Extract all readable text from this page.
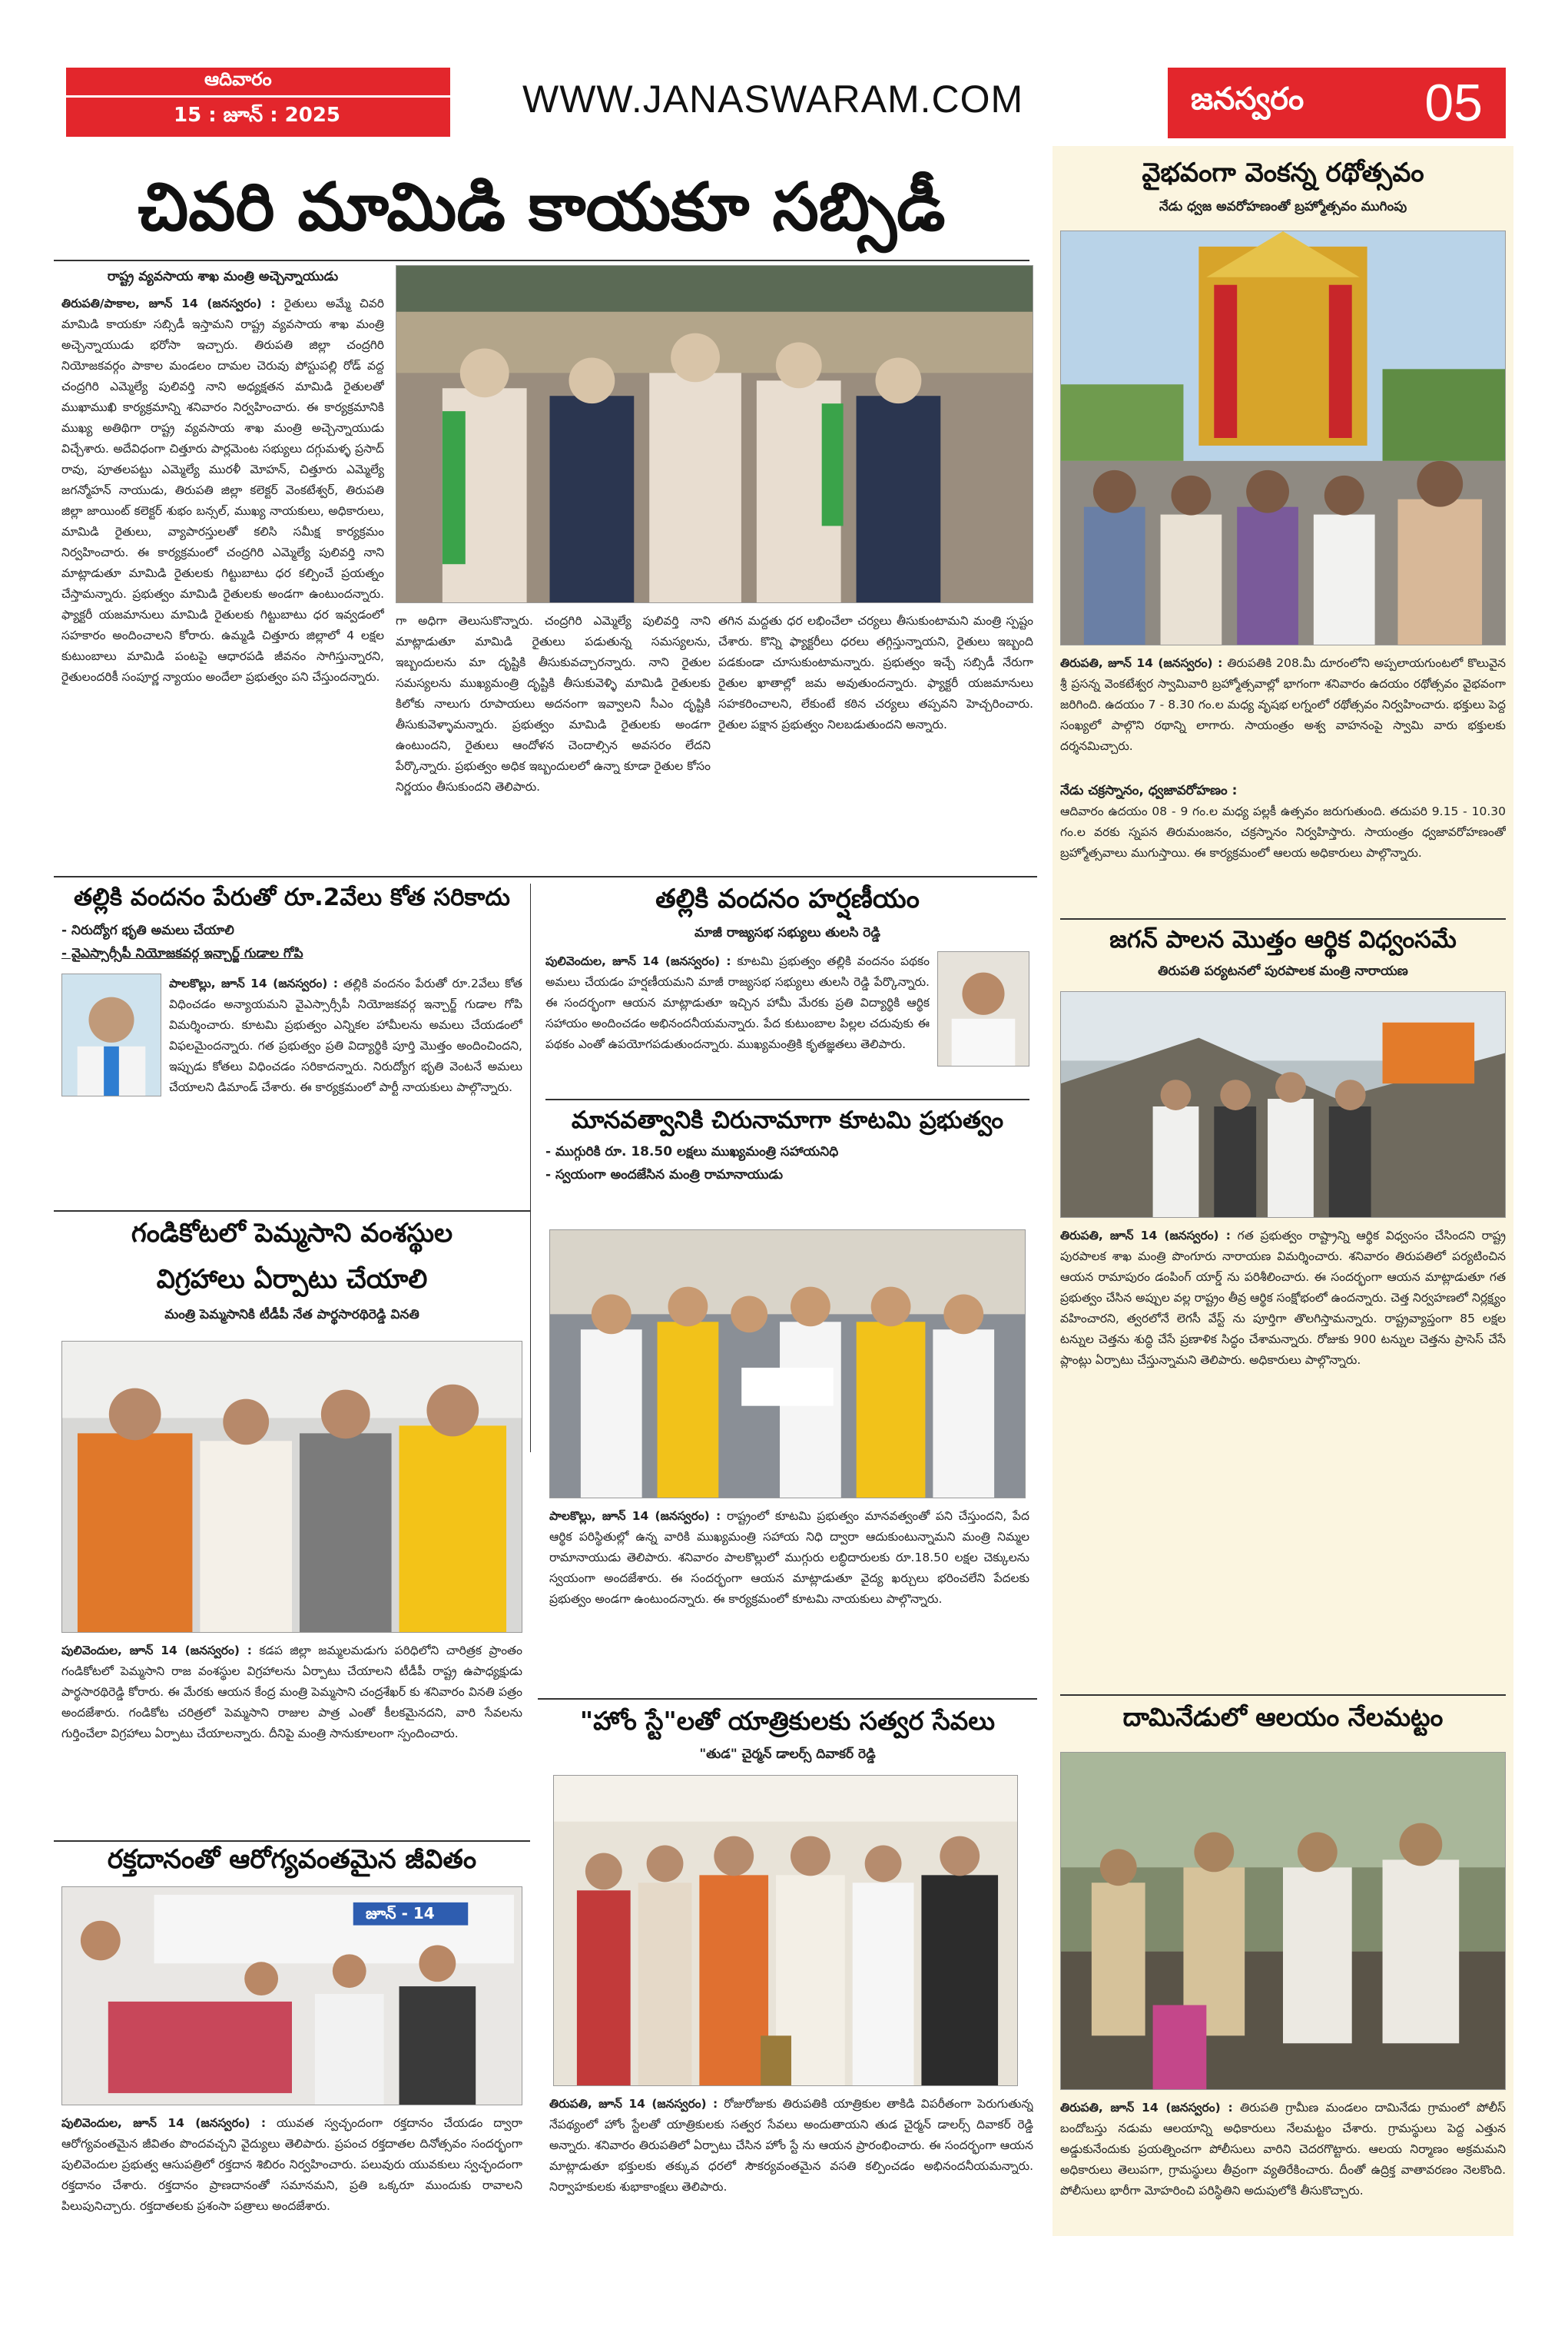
ఆదివారం
15 : జూన్ : 2025	WWW.JANASWARAM.COM	జనస్వరం 05
చివరి మామిడి కాయకూ సబ్సిడీ
రాష్ట్ర వ్యవసాయ శాఖ మంత్రి అచ్చెన్నాయుడు
తిరుపతి/పాకాల, జూన్ 14 (జనస్వరం) : రైతులు అమ్మే చివరి మామిడి కాయకూ సబ్సిడీ ఇస్తామని రాష్ట్ర వ్యవసాయ శాఖ మంత్రి అచ్చెన్నాయుడు భరోసా ఇచ్చారు. తిరుపతి జిల్లా చంద్రగిరి నియోజకవర్గం పాకాల మండలం దామల చెరువు పోస్టుపల్లి రోడ్ వద్ద చంద్రగిరి ఎమ్మెల్యే పులివర్తి నాని అధ్యక్షతన మామిడి రైతులతో ముఖాముఖి కార్యక్రమాన్ని శనివారం నిర్వహించారు. ఈ కార్యక్రమానికి ముఖ్య అతిథిగా రాష్ట్ర వ్యవసాయ శాఖ మంత్రి అచ్చెన్నాయుడు విచ్చేశారు. అదేవిధంగా చిత్తూరు పార్లమెంట సభ్యులు దగ్గుమళ్ళ ప్రసాద్ రావు, పూతలపట్టు ఎమ్మెల్యే మురళీ మోహన్, చిత్తూరు ఎమ్మెల్యే జగన్మోహన్ నాయుడు, తిరుపతి జిల్లా కలెక్టర్ వెంకటేశ్వర్, తిరుపతి జిల్లా జాయింట్ కలెక్టర్ శుభం బన్సల్, ముఖ్య నాయకులు, అధికారులు, మామిడి రైతులు, వ్యాపారస్తులతో కలిసి సమీక్ష కార్యక్రమం నిర్వహించారు. ఈ కార్యక్రమంలో చంద్రగిరి ఎమ్మెల్యే పులివర్తి నాని మాట్లాడుతూ మామిడి రైతులకు గిట్టుబాటు ధర కల్పించే ప్రయత్నం చేస్తామన్నారు. ప్రభుత్వం మామిడి రైతులకు అండగా ఉంటుందన్నారు. ఫ్యాక్టరీ యజమానులు మామిడి రైతులకు గిట్టుబాటు ధర ఇవ్వడంలో సహకారం అందించాలని కోరారు. ఉమ్మడి చిత్తూరు జిల్లాలో 4 లక్షల కుటుంబాలు మామిడి పంటపై ఆధారపడి జీవనం సాగిస్తున్నారని, రైతులందరికీ సంపూర్ణ న్యాయం అందేలా ప్రభుత్వం పని చేస్తుందన్నారు.
గా అధిగా తెలుసుకొన్నారు. చంద్రగిరి ఎమ్మెల్యే పులివర్తి నాని మాట్లాడుతూ మామిడి రైతులు పడుతున్న సమస్యలను, ఇబ్బందులను మా దృష్టికి తీసుకువచ్చారన్నారు. నాని రైతుల సమస్యలను ముఖ్యమంత్రి దృష్టికి తీసుకువెళ్ళి మామిడి రైతులకు కిలోకు నాలుగు రూపాయలు అదనంగా ఇవ్వాలని సీఎం దృష్టికి తీసుకువెళ్ళామన్నారు. ప్రభుత్వం మామిడి రైతులకు అండగా ఉంటుందని, రైతులు ఆందోళన చెందాల్సిన అవసరం లేదని పేర్కొన్నారు. ప్రభుత్వం అధిక ఇబ్బందులలో ఉన్నా కూడా రైతుల కోసం నిర్ణయం తీసుకుందని తెలిపారు.
తగిన మద్దతు ధర లభించేలా చర్యలు తీసుకుంటామని మంత్రి స్పష్టం చేశారు. కొన్ని ఫ్యాక్టరీలు ధరలు తగ్గిస్తున్నాయని, రైతులు ఇబ్బంది పడకుండా చూసుకుంటామన్నారు. ప్రభుత్వం ఇచ్చే సబ్సిడీ నేరుగా రైతుల ఖాతాల్లో జమ అవుతుందన్నారు. ఫ్యాక్టరీ యజమానులు సహకరించాలని, లేకుంటే కఠిన చర్యలు తప్పవని హెచ్చరించారు. రైతుల పక్షాన ప్రభుత్వం నిలబడుతుందని అన్నారు.
తల్లికి వందనం పేరుతో రూ.2వేలు కోత సరికాదు
- నిరుద్యోగ భృతి అమలు చేయాలి
- వైఎస్సార్సీపీ నియోజకవర్గ ఇన్చార్జ్ గుడాల గోపి
పాలకొల్లు, జూన్ 14 (జనస్వరం) : తల్లికి వందనం పేరుతో రూ.2వేలు కోత విధించడం అన్యాయమని వైఎస్సార్సీపీ నియోజకవర్గ ఇన్చార్జ్ గుడాల గోపి విమర్శించారు. కూటమి ప్రభుత్వం ఎన్నికల హామీలను అమలు చేయడంలో విఫలమైందన్నారు. గత ప్రభుత్వం ప్రతి విద్యార్థికి పూర్తి మొత్తం అందించిందని, ఇప్పుడు కోతలు విధించడం సరికాదన్నారు. నిరుద్యోగ భృతి వెంటనే అమలు చేయాలని డిమాండ్ చేశారు. ఈ కార్యక్రమంలో పార్టీ నాయకులు పాల్గొన్నారు.
తల్లికి వందనం హర్షణీయం
మాజీ రాజ్యసభ సభ్యులు తులసి రెడ్డి
పులివెందుల, జూన్ 14 (జనస్వరం) : కూటమి ప్రభుత్వం తల్లికి వందనం పథకం అమలు చేయడం హర్షణీయమని మాజీ రాజ్యసభ సభ్యులు తులసి రెడ్డి పేర్కొన్నారు. ఈ సందర్భంగా ఆయన మాట్లాడుతూ ఇచ్చిన హామీ మేరకు ప్రతి విద్యార్థికి ఆర్థిక సహాయం అందించడం అభినందనీయమన్నారు. పేద కుటుంబాల పిల్లల చదువుకు ఈ పథకం ఎంతో ఉపయోగపడుతుందన్నారు. ముఖ్యమంత్రికి కృతజ్ఞతలు తెలిపారు.
మానవత్వానికి చిరునామాగా కూటమి ప్రభుత్వం
- ముగ్గురికి రూ. 18.50 లక్షలు ముఖ్యమంత్రి సహాయనిధి
- స్వయంగా అందజేసిన మంత్రి రామానాయుడు
పాలకొల్లు, జూన్ 14 (జనస్వరం) : రాష్ట్రంలో కూటమి ప్రభుత్వం మానవత్వంతో పని చేస్తుందని, పేద ఆర్థిక పరిస్థితుల్లో ఉన్న వారికి ముఖ్యమంత్రి సహాయ నిధి ద్వారా ఆదుకుంటున్నామని మంత్రి నిమ్మల రామానాయుడు తెలిపారు. శనివారం పాలకొల్లులో ముగ్గురు లబ్ధిదారులకు రూ.18.50 లక్షల చెక్కులను స్వయంగా అందజేశారు. ఈ సందర్భంగా ఆయన మాట్లాడుతూ వైద్య ఖర్చులు భరించలేని పేదలకు ప్రభుత్వం అండగా ఉంటుందన్నారు. ఈ కార్యక్రమంలో కూటమి నాయకులు పాల్గొన్నారు.
గండికోటలో పెమ్మసాని వంశస్థుల
విగ్రహాలు ఏర్పాటు చేయాలి
మంత్రి పెమ్మసానికి టీడీపీ నేత పార్థసారథిరెడ్డి వినతి
పులివెందుల, జూన్ 14 (జనస్వరం) : కడప జిల్లా జమ్మలమడుగు పరిధిలోని చారిత్రక ప్రాంతం గండికోటలో పెమ్మసాని రాజ వంశస్థుల విగ్రహాలను ఏర్పాటు చేయాలని టీడీపీ రాష్ట్ర ఉపాధ్యక్షుడు పార్థసారథిరెడ్డి కోరారు. ఈ మేరకు ఆయన కేంద్ర మంత్రి పెమ్మసాని చంద్రశేఖర్ కు శనివారం వినతి పత్రం అందజేశారు. గండికోట చరిత్రలో పెమ్మసాని రాజుల పాత్ర ఎంతో కీలకమైనదని, వారి సేవలను గుర్తించేలా విగ్రహాలు ఏర్పాటు చేయాలన్నారు. దీనిపై మంత్రి సానుకూలంగా స్పందించారు.
రక్తదానంతో ఆరోగ్యవంతమైన జీవితం
జూన్ - 14
పులివెందుల, జూన్ 14 (జనస్వరం) : యువత స్వచ్ఛందంగా రక్తదానం చేయడం ద్వారా ఆరోగ్యవంతమైన జీవితం పొందవచ్చని వైద్యులు తెలిపారు. ప్రపంచ రక్తదాతల దినోత్సవం సందర్భంగా పులివెందుల ప్రభుత్వ ఆసుపత్రిలో రక్తదాన శిబిరం నిర్వహించారు. పలువురు యువకులు స్వచ్ఛందంగా రక్తదానం చేశారు. రక్తదానం ప్రాణదానంతో సమానమని, ప్రతి ఒక్కరూ ముందుకు రావాలని పిలుపునిచ్చారు. రక్తదాతలకు ప్రశంసా పత్రాలు అందజేశారు.
"హోం స్టే"లతో యాత్రికులకు సత్వర సేవలు
"తుడ" చైర్మన్ డాలర్స్ దివాకర్ రెడ్డి
తిరుపతి, జూన్ 14 (జనస్వరం) : రోజురోజుకు తిరుపతికి యాత్రికుల తాకిడి విపరీతంగా పెరుగుతున్న నేపథ్యంలో హోం స్టేలతో యాత్రికులకు సత్వర సేవలు అందుతాయని తుడ చైర్మన్ డాలర్స్ దివాకర్ రెడ్డి అన్నారు. శనివారం తిరుపతిలో ఏర్పాటు చేసిన హోం స్టే ను ఆయన ప్రారంభించారు. ఈ సందర్భంగా ఆయన మాట్లాడుతూ భక్తులకు తక్కువ ధరలో సౌకర్యవంతమైన వసతి కల్పించడం అభినందనీయమన్నారు. నిర్వాహకులకు శుభాకాంక్షలు తెలిపారు.
వైభవంగా వెంకన్న రథోత్సవం
నేడు ధ్వజ అవరోహణంతో బ్రహ్మోత్సవం ముగింపు
తిరుపతి, జూన్ 14 (జనస్వరం) : తిరుపతికి 208.మీ దూరంలోని అప్పలాయగుంటలో కొలువైన శ్రీ ప్రసన్న వెంకటేశ్వర స్వామివారి బ్రహ్మోత్సవాల్లో భాగంగా శనివారం ఉదయం రథోత్సవం వైభవంగా జరిగింది. ఉదయం 7 - 8.30 గం.ల మధ్య వృషభ లగ్నంలో రథోత్సవం నిర్వహించారు. భక్తులు పెద్ద సంఖ్యలో పాల్గొని రథాన్ని లాగారు. సాయంత్రం అశ్వ వాహనంపై స్వామి వారు భక్తులకు దర్శనమిచ్చారు.
నేడు చక్రస్నానం, ధ్వజావరోహణం :
ఆదివారం ఉదయం 08 - 9 గం.ల మధ్య పల్లకీ ఉత్సవం జరుగుతుంది. తదుపరి 9.15 - 10.30 గం.ల వరకు స్నపన తిరుమంజనం, చక్రస్నానం నిర్వహిస్తారు. సాయంత్రం ధ్వజావరోహణంతో బ్రహ్మోత్సవాలు ముగుస్తాయి. ఈ కార్యక్రమంలో ఆలయ అధికారులు పాల్గొన్నారు.
జగన్ పాలన మొత్తం ఆర్థిక విధ్వంసమే
తిరుపతి పర్యటనలో పురపాలక మంత్రి నారాయణ
తిరుపతి, జూన్ 14 (జనస్వరం) : గత ప్రభుత్వం రాష్ట్రాన్ని ఆర్థిక విధ్వంసం చేసిందని రాష్ట్ర పురపాలక శాఖ మంత్రి పొంగూరు నారాయణ విమర్శించారు. శనివారం తిరుపతిలో పర్యటించిన ఆయన రామాపురం డంపింగ్ యార్డ్ ను పరిశీలించారు. ఈ సందర్భంగా ఆయన మాట్లాడుతూ గత ప్రభుత్వం చేసిన అప్పుల వల్ల రాష్ట్రం తీవ్ర ఆర్థిక సంక్షోభంలో ఉందన్నారు. చెత్త నిర్వహణలో నిర్లక్ష్యం వహించారని, త్వరలోనే లెగసీ వేస్ట్ ను పూర్తిగా తొలగిస్తామన్నారు. రాష్ట్రవ్యాప్తంగా 85 లక్షల టన్నుల చెత్తను శుద్ధి చేసే ప్రణాళిక సిద్ధం చేశామన్నారు. రోజుకు 900 టన్నుల చెత్తను ప్రాసెస్ చేసే ప్లాంట్లు ఏర్పాటు చేస్తున్నామని తెలిపారు. అధికారులు పాల్గొన్నారు.
దామినేడులో ఆలయం నేలమట్టం
తిరుపతి, జూన్ 14 (జనస్వరం) : తిరుపతి గ్రామీణ మండలం దామినేడు గ్రామంలో పోలీస్ బందోబస్తు నడుమ ఆలయాన్ని అధికారులు నేలమట్టం చేశారు. గ్రామస్థులు పెద్ద ఎత్తున అడ్డుకునేందుకు ప్రయత్నించగా పోలీసులు వారిని చెదరగొట్టారు. ఆలయ నిర్మాణం అక్రమమని అధికారులు తెలుపగా, గ్రామస్థులు తీవ్రంగా వ్యతిరేకించారు. దీంతో ఉద్రిక్త వాతావరణం నెలకొంది. పోలీసులు భారీగా మోహరించి పరిస్థితిని అదుపులోకి తీసుకొచ్చారు.
